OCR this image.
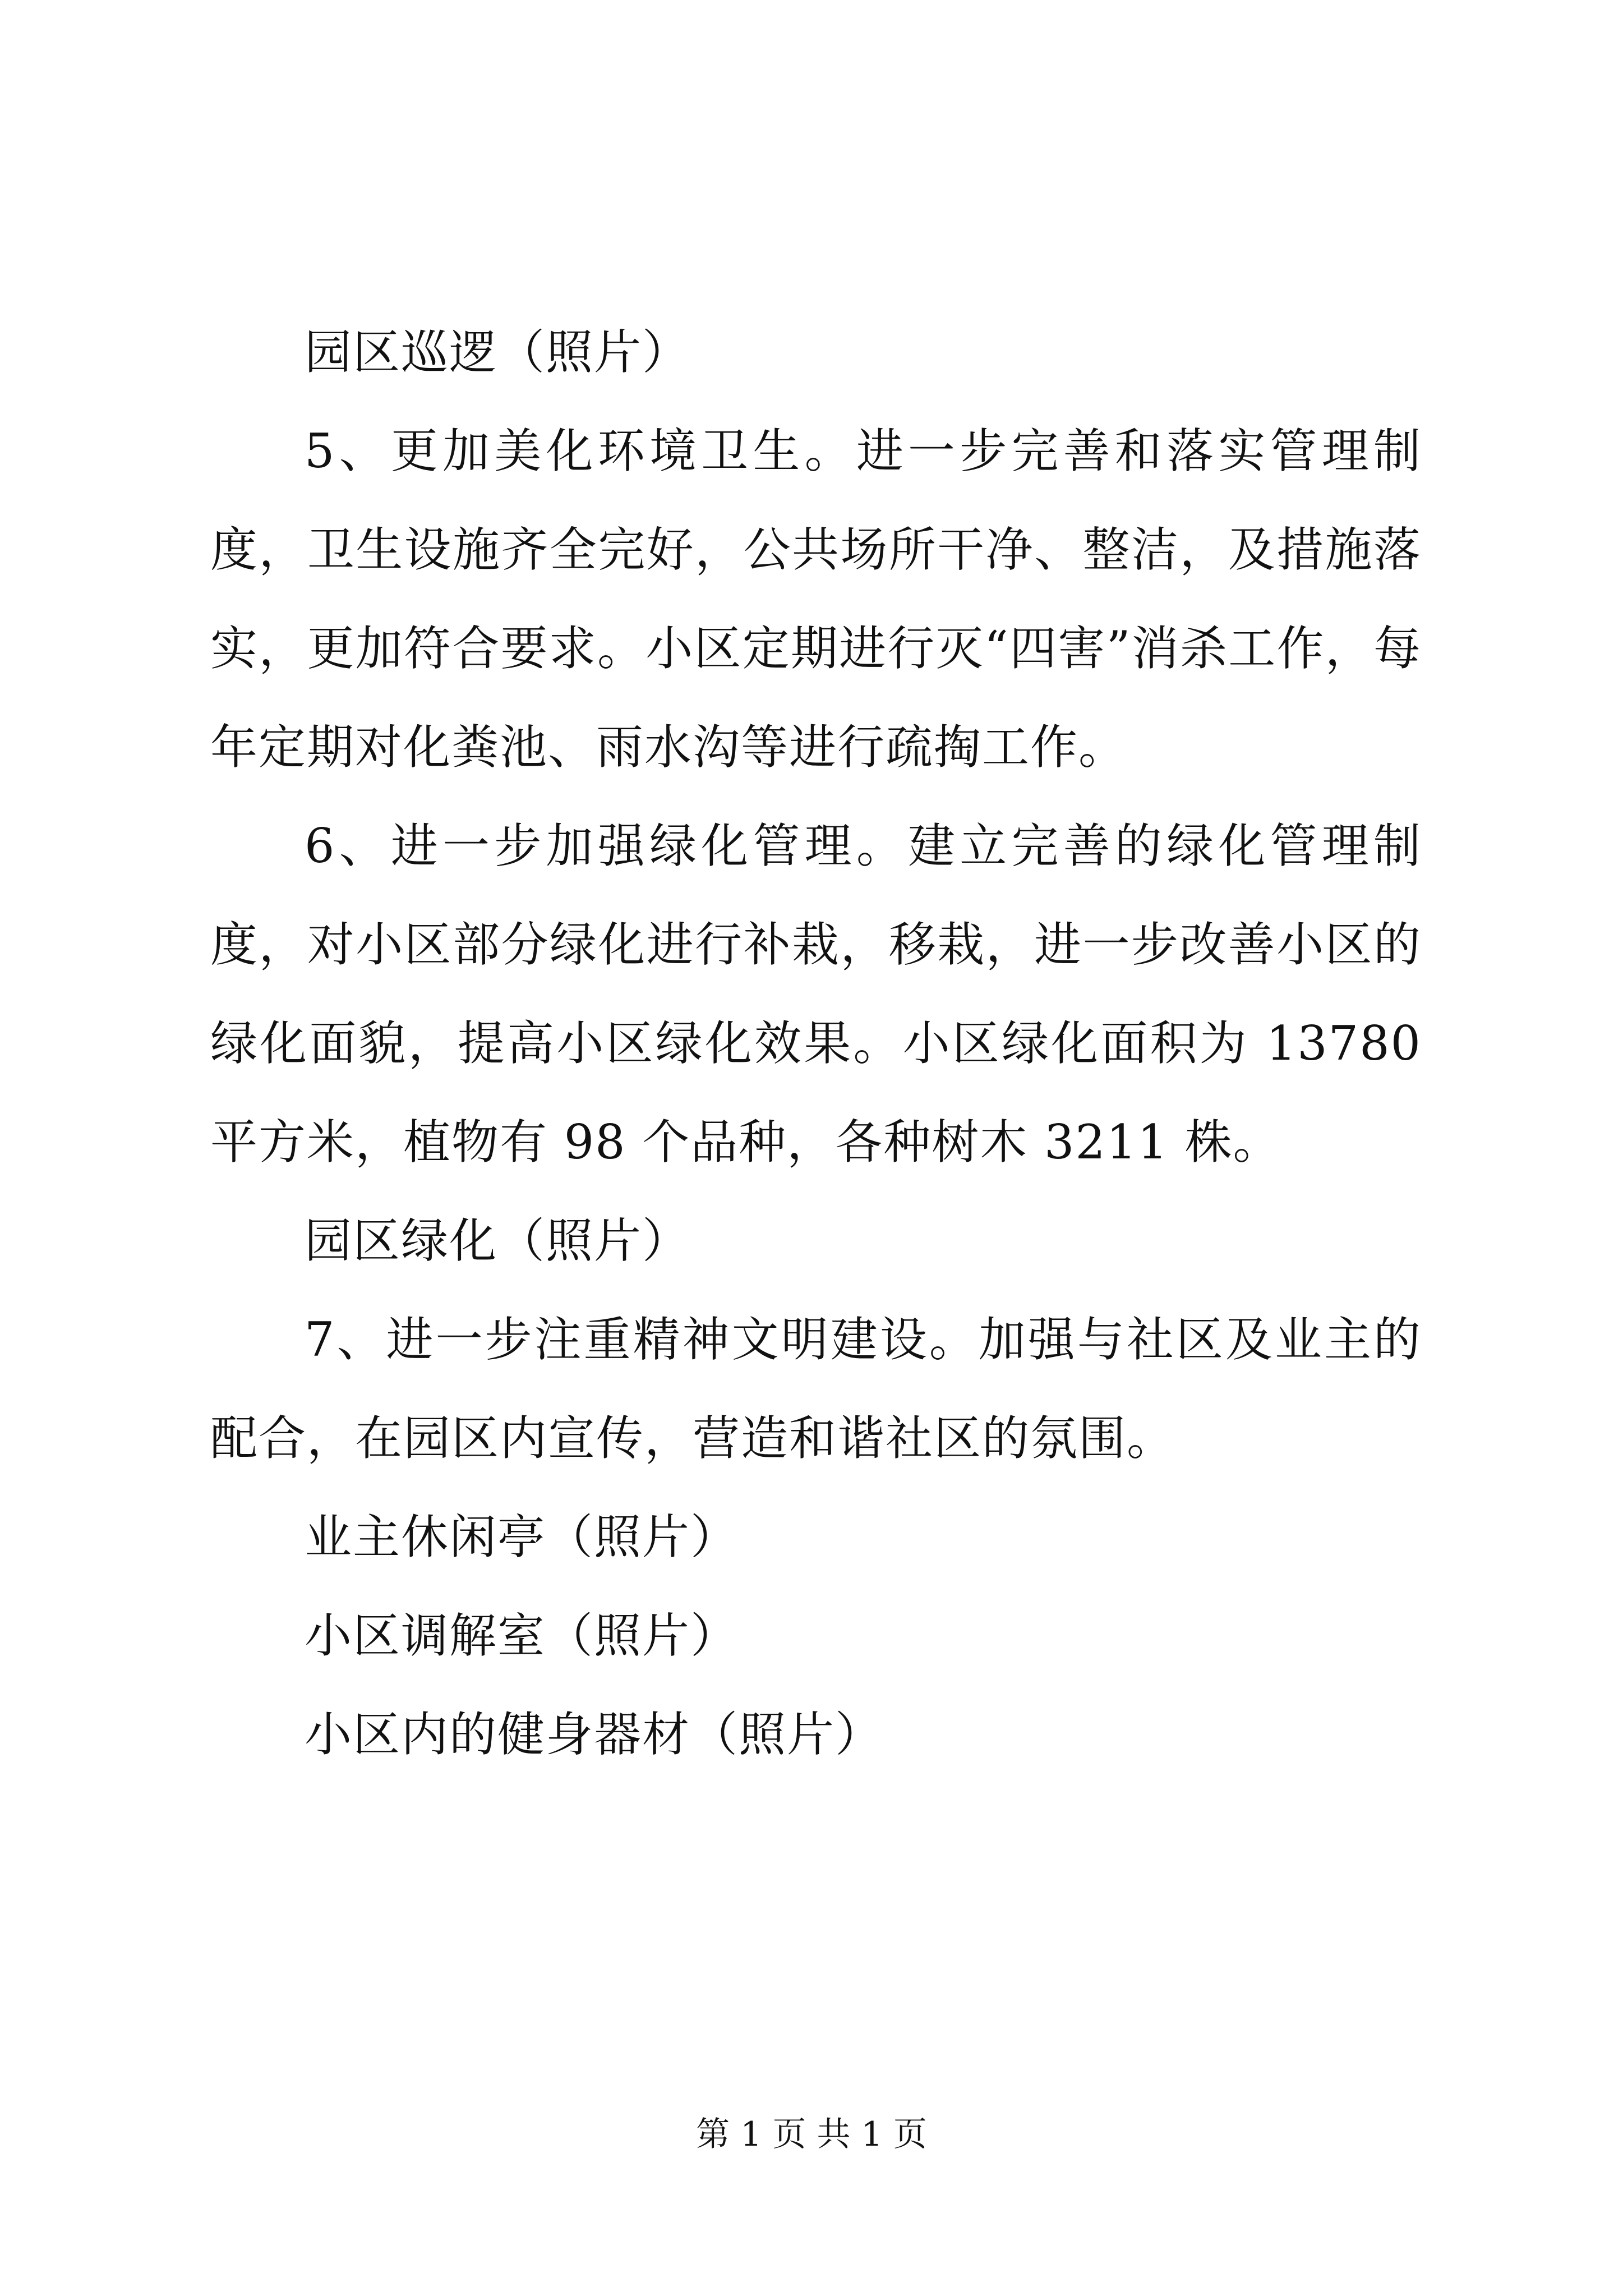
园区巡逻（照片）

5、更加美化环境卫生。进一步完善和落实管理制度，卫生设施齐全完好，公共场所干净、整洁，及措施落实，更加符合要求。小区定期进行灭“四害”消杀工作，每年定期对化粪池、雨水沟等进行疏掏工作。

6、进一步加强绿化管理。建立完善的绿化管理制度，对小区部分绿化进行补栽，移栽，进一步改善小区的绿化面貌，提高小区绿化效果。小区绿化面积为 13780 平方米，植物有 98 个品种，各种树木 3211 株。

园区绿化（照片）

7、进一步注重精神文明建设。加强与社区及业主的配合，在园区内宣传，营造和谐社区的氛围。

业主休闲亭（照片）

小区调解室（照片）

小区内的健身器材（照片）

第 1 页 共 1 页
